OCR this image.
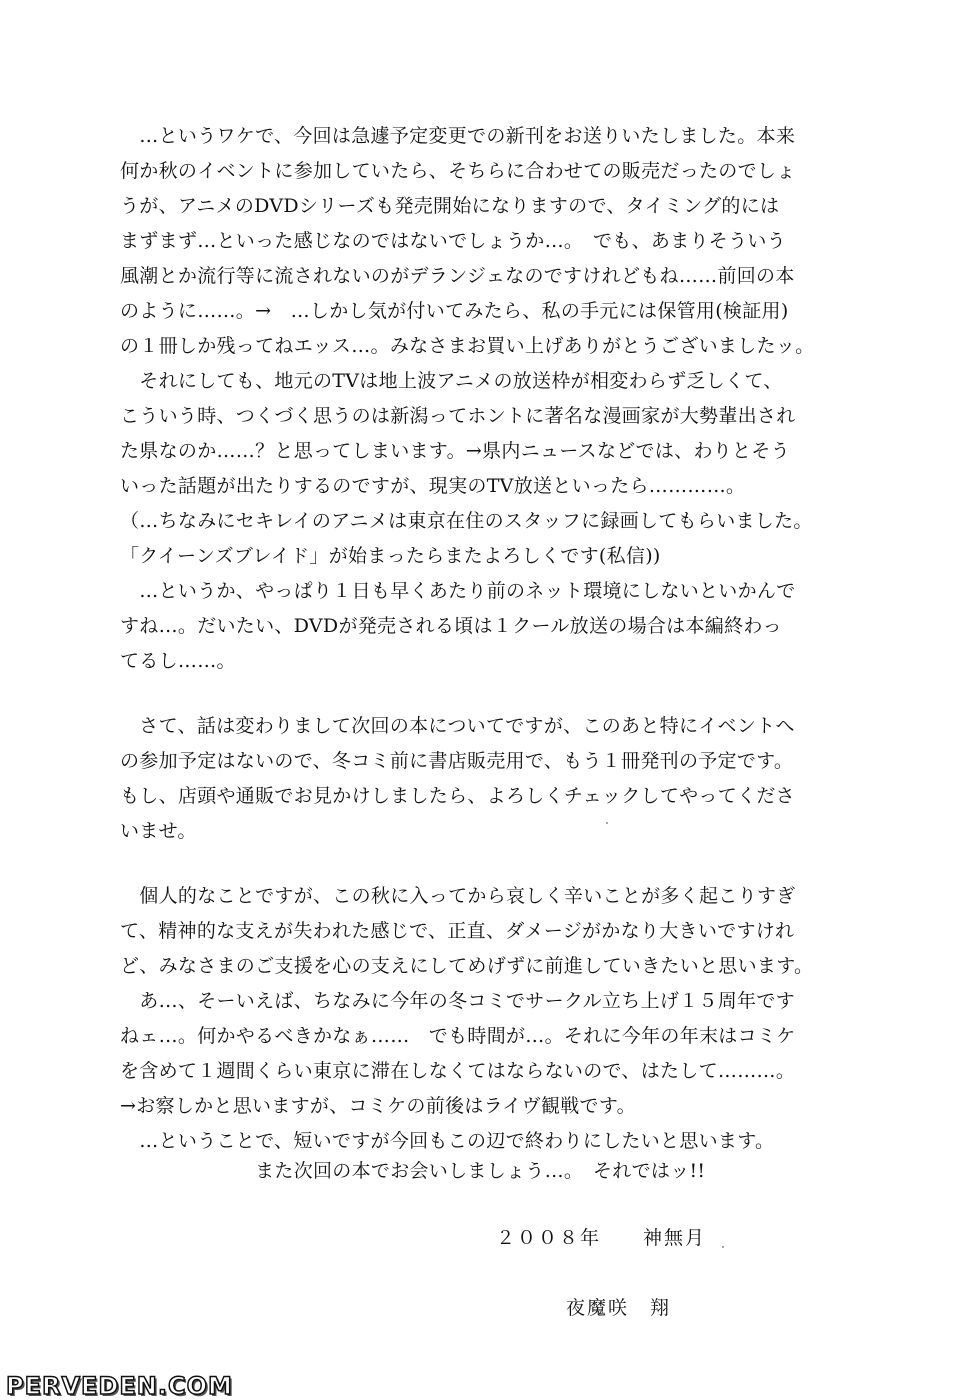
　…というワケで、今回は急遽予定変更での新刊をお送りいたしました。本来
何か秋のイベントに参加していたら、そちらに合わせての販売だったのでしょ
うが、アニメのDVDシリーズも発売開始になりますので、タイミング的には
まずまず…といった感じなのではないでしょうか…。　でも、あまりそういう
風潮とか流行等に流されないのがデランジェなのですけれどもね……前回の本
のように……。→　…しかし気が付いてみたら、私の手元には保管用(検証用)
の１冊しか残ってねエッス…。みなさまお買い上げありがとうございましたッ。
　それにしても、地元のTVは地上波アニメの放送枠が相変わらず乏しくて、
こういう時、つくづく思うのは新潟ってホントに著名な漫画家が大勢輩出され
た県なのか……？と思ってしまいます。→県内ニュースなどでは、わりとそう
いった話題が出たりするのですが、現実のTV放送といったら…………。
（…ちなみにセキレイのアニメは東京在住のスタッフに録画してもらいました。
「クイーンズブレイド」が始まったらまたよろしくです(私信))
　…というか、やっぱり１日も早くあたり前のネット環境にしないといかんで
すね…。だいたい、DVDが発売される頃は１クール放送の場合は本編終わっ
てるし……。
　さて、話は変わりまして次回の本についてですが、このあと特にイベントへ
の参加予定はないので、冬コミ前に書店販売用で、もう１冊発刊の予定です。
もし、店頭や通販でお見かけしましたら、よろしくチェックしてやってくださ
いませ。
　個人的なことですが、この秋に入ってから哀しく辛いことが多く起こりすぎ
て、精神的な支えが失われた感じで、正直、ダメージがかなり大きいですけれ
ど、みなさまのご支援を心の支えにしてめげずに前進していきたいと思います。
　あ…、そーいえば、ちなみに今年の冬コミでサークル立ち上げ１５周年です
ねェ…。何かやるべきかなぁ……　でも時間が…。それに今年の年末はコミケ
を含めて１週間くらい東京に滞在しなくてはならないので、はたして………。
→お察しかと思いますが、コミケの前後はライヴ観戦です。
　…ということで、短いですが今回もこの辺で終わりにしたいと思います。
　　　　　　　また次回の本でお会いしましょう…。　それではッ!!
２００８年　　神無月
夜魔咲　翔
PERVEDEN.COM
